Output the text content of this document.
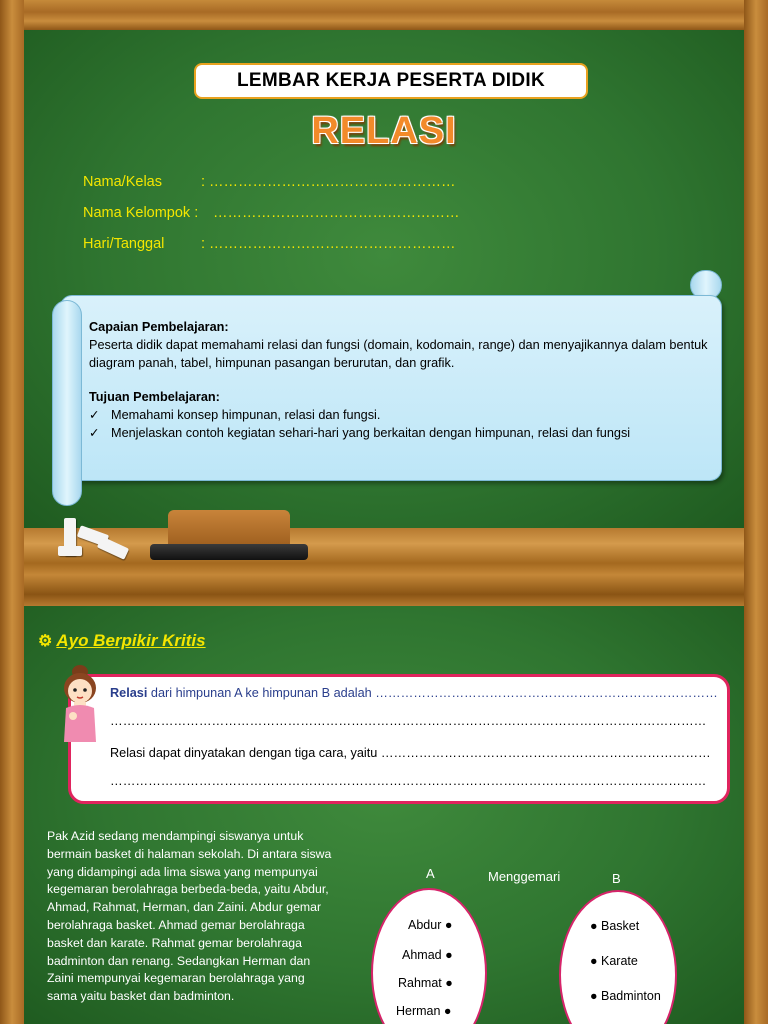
LEMBAR KERJA PESERTA DIDIK
RELASI
Nama/Kelas	: ……………………………………………
Nama Kelompok : ……………………………………………
Hari/Tanggal	: ……………………………………………
Capaian Pembelajaran:
Peserta didik dapat memahami relasi dan fungsi (domain, kodomain, range) dan menyajikannya dalam bentuk diagram panah, tabel, himpunan pasangan berurutan, dan grafik.
Tujuan Pembelajaran:
✓ Memahami konsep himpunan, relasi dan fungsi.
✓ Menjelaskan contoh kegiatan sehari-hari yang berkaitan dengan himpunan, relasi dan fungsi
⚙ Ayo Berpikir Kritis
Relasi dari himpunan A ke himpunan B adalah ………………………………………………………………………
……………………………………………………………………………………………………………………………
Relasi dapat dinyatakan dengan tiga cara, yaitu ……………………………………………………………………
……………………………………………………………………………………………………………………………
Pak Azid sedang mendampingi siswanya untuk bermain basket di halaman sekolah. Di antara siswa yang didampingi ada lima siswa yang mempunyai kegemaran berolahraga berbeda-beda, yaitu Abdur, Ahmad, Rahmat, Herman, dan Zaini. Abdur gemar berolahraga basket. Ahmad gemar berolahraga basket dan karate. Rahmat gemar berolahraga badminton dan renang. Sedangkan Herman dan Zaini mempunyai kegemaran berolahraga yang sama yaitu basket dan badminton.
A	Menggemari	B
Abdur ●
Ahmad ●
Rahmat ●
Herman ●
● Basket
● Karate
● Badminton
